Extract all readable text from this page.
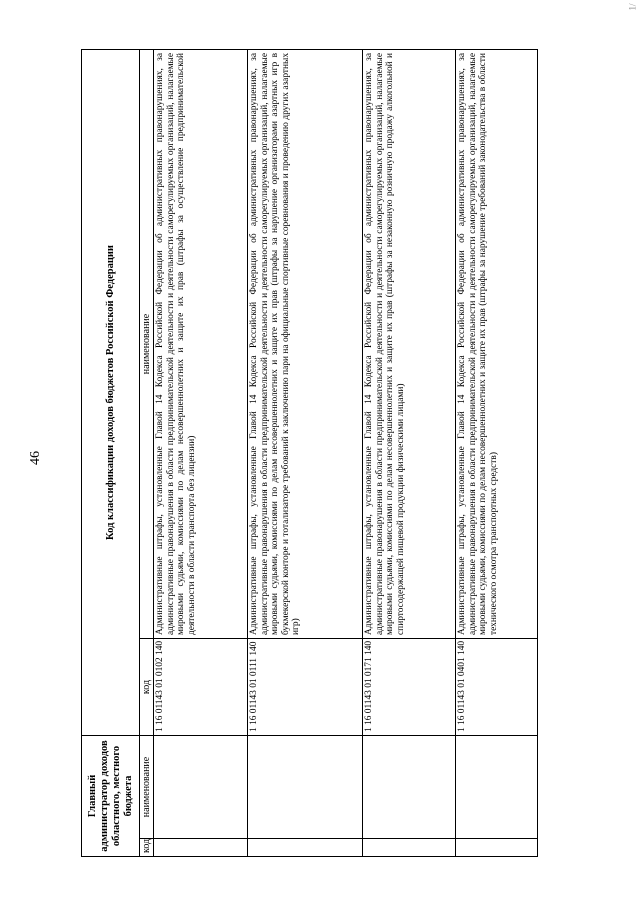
46
1/
Главный администратор доходов областного, местного бюджета		Код классификации доходов бюджетов Российской Федерации	
код	наименование	код	наименование
		1 16 01143 01 0102 140	Административные штрафы, установленные Главой 14 Кодекса Российской Федерации об административных правонарушениях, за административные правонарушения в области предпринимательской деятельности и деятельности саморегулируемых организаций, налагаемые мировыми судьями, комиссиями по делам несовершеннолетних и защите их прав (штрафы за осуществление предпринимательской деятельности в области транспорта без лицензии)
		1 16 01143 01 0111 140	Административные штрафы, установленные Главой 14 Кодекса Российской Федерации об административных правонарушениях, за административные правонарушения в области предпринимательской деятельности и деятельности саморегулируемых организаций, налагаемые мировыми судьями, комиссиями по делам несовершеннолетних и защите их прав (штрафы за нарушение организаторами азартных игр в букмекерской конторе и тотализаторе требований к заключению пари на официальные спортивные соревнования и проведению других азартных игр)
		1 16 01143 01 0171 140	Административные штрафы, установленные Главой 14 Кодекса Российской Федерации об административных правонарушениях, за административные правонарушения в области предпринимательской деятельности и деятельности саморегулируемых организаций, налагаемые мировыми судьями, комиссиями по делам несовершеннолетних и защите их прав (штрафы за незаконную розничную продажу алкогольной и спиртосодержащей пищевой продукции физическими лицами)
		1 16 01143 01 0401 140	Административные штрафы, установленные Главой 14 Кодекса Российской Федерации об административных правонарушениях, за административные правонарушения в области предпринимательской деятельности и деятельности саморегулируемых организаций, налагаемые мировыми судьями, комиссиями по делам несовершеннолетних и защите их прав (штрафы за нарушение требований законодательства в области технического осмотра транспортных средств)
